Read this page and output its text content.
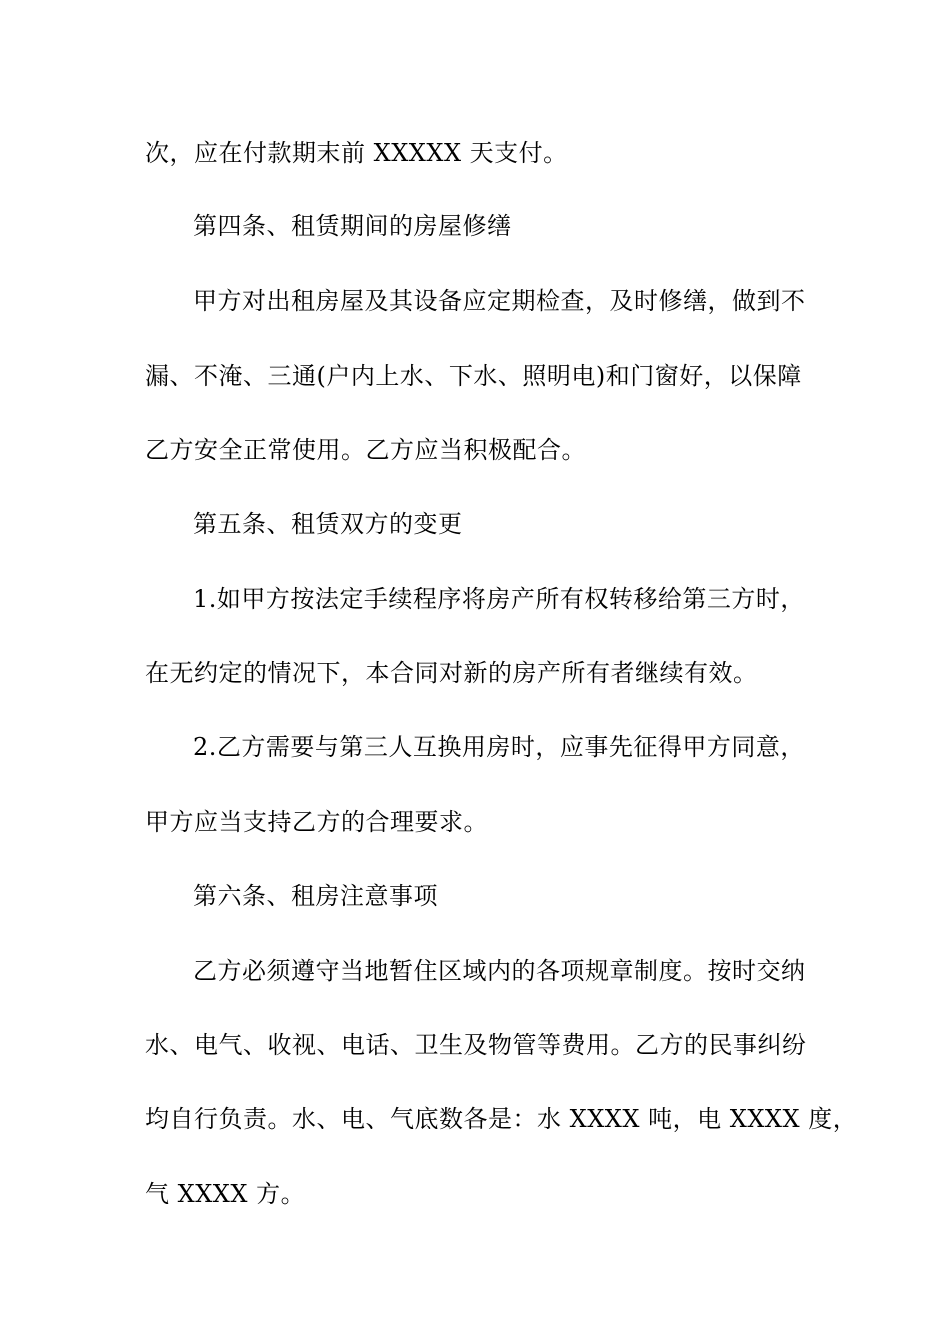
次，应在付款期末前 XXXXX 天支付。
第四条、租赁期间的房屋修缮
甲方对出租房屋及其设备应定期检查，及时修缮，做到不
漏、不淹、三通(户内上水、下水、照明电)和门窗好，以保障
乙方安全正常使用。乙方应当积极配合。
第五条、租赁双方的变更
1.如甲方按法定手续程序将房产所有权转移给第三方时，
在无约定的情况下，本合同对新的房产所有者继续有效。
2.乙方需要与第三人互换用房时，应事先征得甲方同意，
甲方应当支持乙方的合理要求。
第六条、租房注意事项
乙方必须遵守当地暂住区域内的各项规章制度。按时交纳
水、电气、收视、电话、卫生及物管等费用。乙方的民事纠纷
均自行负责。水、电、气底数各是：水 XXXX 吨，电 XXXX 度，
气 XXXX 方。
